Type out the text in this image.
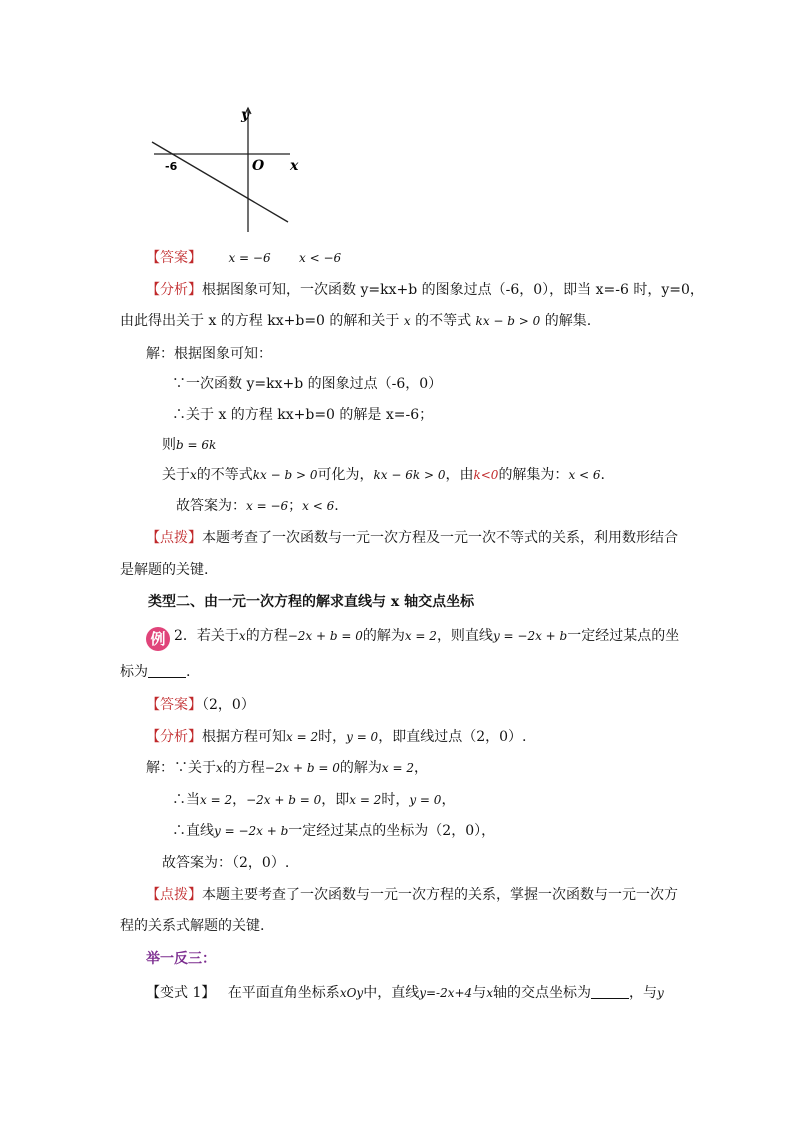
y
x
O
-6
【答案】 x = −6 x < −6
【分析】根据图象可知，一次函数 y=kx+b 的图象过点（-6，0），即当 x=-6 时，y=0，
由此得出关于 x 的方程 kx+b=0 的解和关于 x 的不等式 kx − b > 0 的解集.
解：根据图象可知：
∵一次函数 y=kx+b 的图象过点（-6，0）
∴关于 x 的方程 kx+b=0 的解是 x=-6；
则b = 6k
关于x的不等式kx − b > 0可化为，kx − 6k > 0，由k<0的解集为：x < 6.
故答案为：x = −6；x < 6.
【点拨】本题考查了一次函数与一元一次方程及一元一次不等式的关系，利用数形结合
是解题的关键.
类型二、由一元一次方程的解求直线与 x 轴交点坐标
例 2．若关于x的方程−2x + b = 0的解为x = 2，则直线y = −2x + b一定经过某点的坐
标为	.
【答案】（2，0）
【分析】根据方程可知x = 2时，y = 0，即直线过点（2，0）.
解：∵关于x的方程−2x + b = 0的解为x = 2，
∴当x = 2，−2x + b = 0，即x = 2时，y = 0，
∴直线y = −2x + b一定经过某点的坐标为（2，0），
故答案为：（2，0）.
【点拨】本题主要考查了一次函数与一元一次方程的关系，掌握一次函数与一元一次方
程的关系式解题的关键.
举一反三：
【变式 1】 在平面直角坐标系xOy中，直线y=-2x+4与x轴的交点坐标为	，与y
